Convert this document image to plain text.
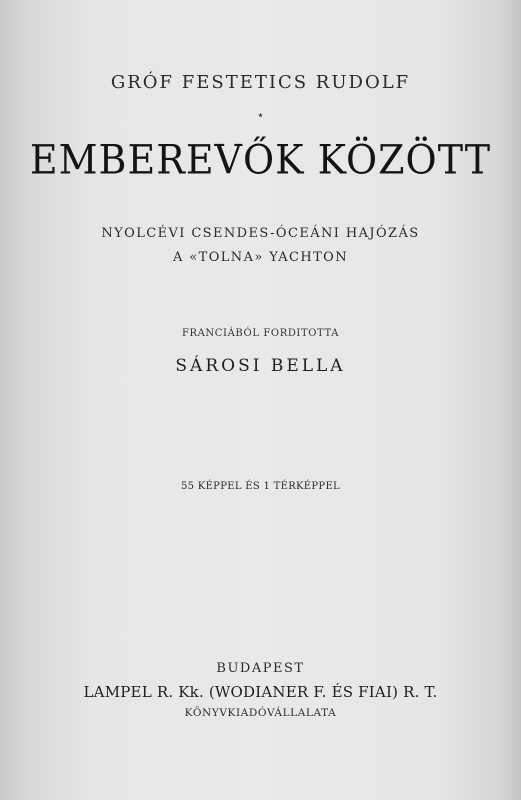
GRÓF FESTETICS RUDOLF
⋆
EMBEREVŐK KÖZÖTT
NYOLCÉVI CSENDES-ÓCEÁNI HAJÓZÁS
A «TOLNA» YACHTON
FRANCIÁBÓL FORDITOTTA
SÁROSI BELLA
55 KÉPPEL ÉS 1 TÉRKÉPPEL
BUDAPEST
LAMPEL R. Kk. (WODIANER F. ÉS FIAI) R. T.
KÖNYVKIADÓVÁLLALATA
